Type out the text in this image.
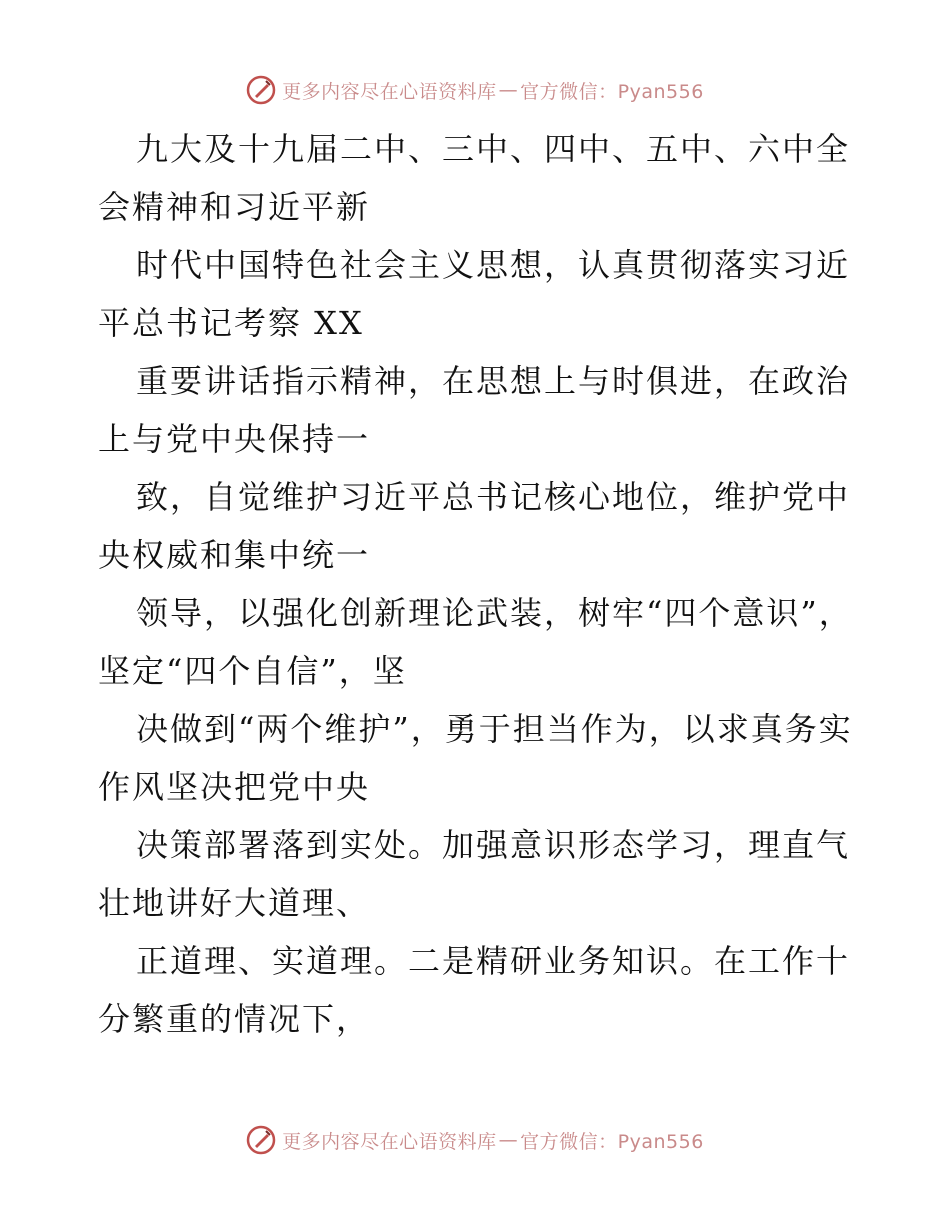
更多内容尽在心语资料库 — 官方微信：Pyan556

九大及十九届二中、三中、四中、五中、六中全会精神和习近平新

时代中国特色社会主义思想，认真贯彻落实习近平总书记考察 XX

重要讲话指示精神，在思想上与时俱进，在政治上与党中央保持一

致，自觉维护习近平总书记核心地位，维护党中央权威和集中统一

领导，以强化创新理论武装，树牢“四个意识”，坚定“四个自信”，坚

决做到“两个维护”，勇于担当作为，以求真务实作风坚决把党中央

决策部署落到实处。加强意识形态学习，理直气壮地讲好大道理、

正道理、实道理。二是精研业务知识。在工作十分繁重的情况下，

更多内容尽在心语资料库 — 官方微信：Pyan556
